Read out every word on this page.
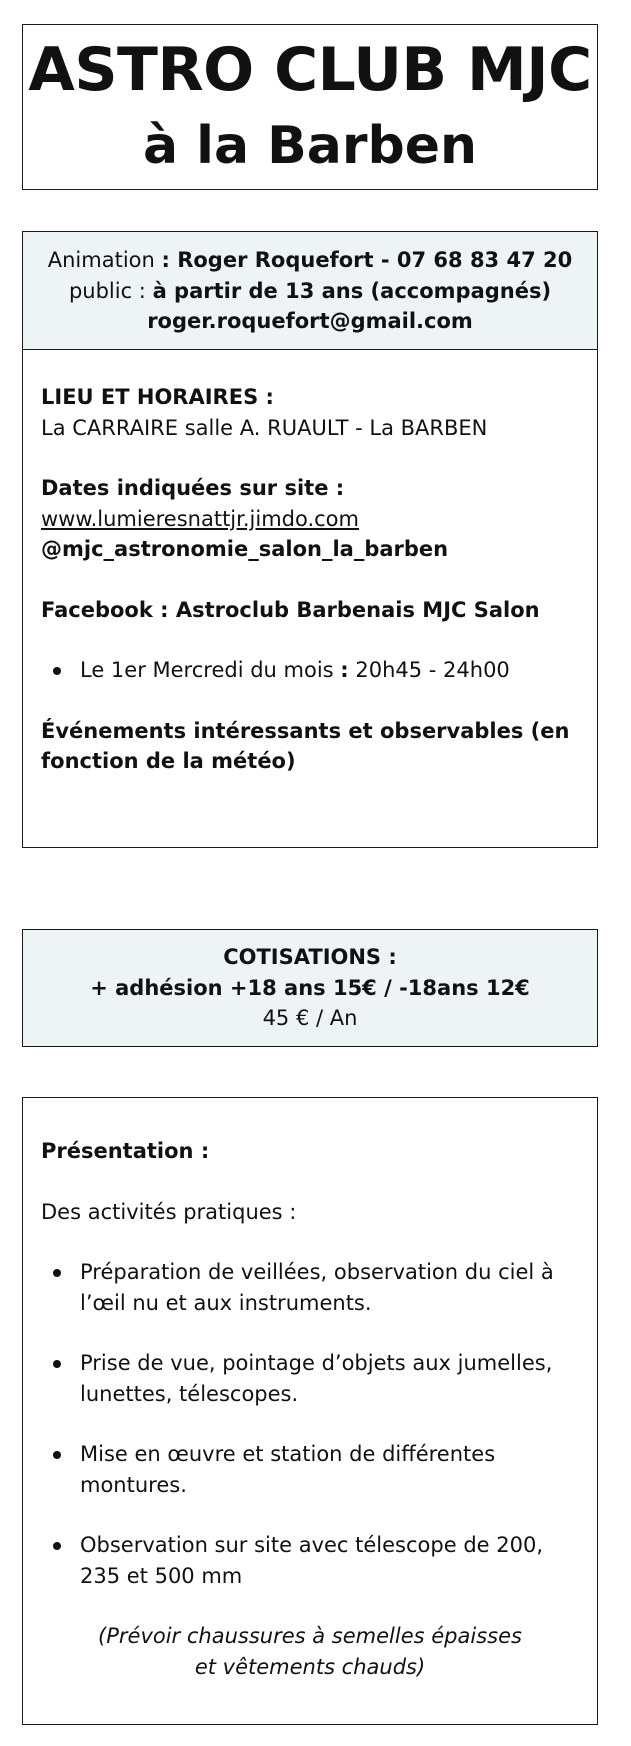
ASTRO CLUB MJC
à la Barben
Animation : Roger Roquefort - 07 68 83 47 20
public : à partir de 13 ans (accompagnés)
roger.roquefort@gmail.com
LIEU ET HORAIRES :
La CARRAIRE salle A. RUAULT - La BARBEN
Dates indiquées sur site :
www.lumieresnattjr.jimdo.com
@mjc_astronomie_salon_la_barben
Facebook : Astroclub Barbenais MJC Salon
Le 1er Mercredi du mois : 20h45 - 24h00
Événements intéressants et observables (en fonction de la météo)
COTISATIONS :
+ adhésion +18 ans 15€ / -18ans 12€
45 € / An
Présentation :
Des activités pratiques :
Préparation de veillées, observation du ciel à l’œil nu et aux instruments.
Prise de vue, pointage d’objets aux jumelles, lunettes, télescopes.
Mise en œuvre et station de différentes montures.
Observation sur site avec télescope de 200, 235 et 500 mm
(Prévoir chaussures à semelles épaisses
et vêtements chauds)
